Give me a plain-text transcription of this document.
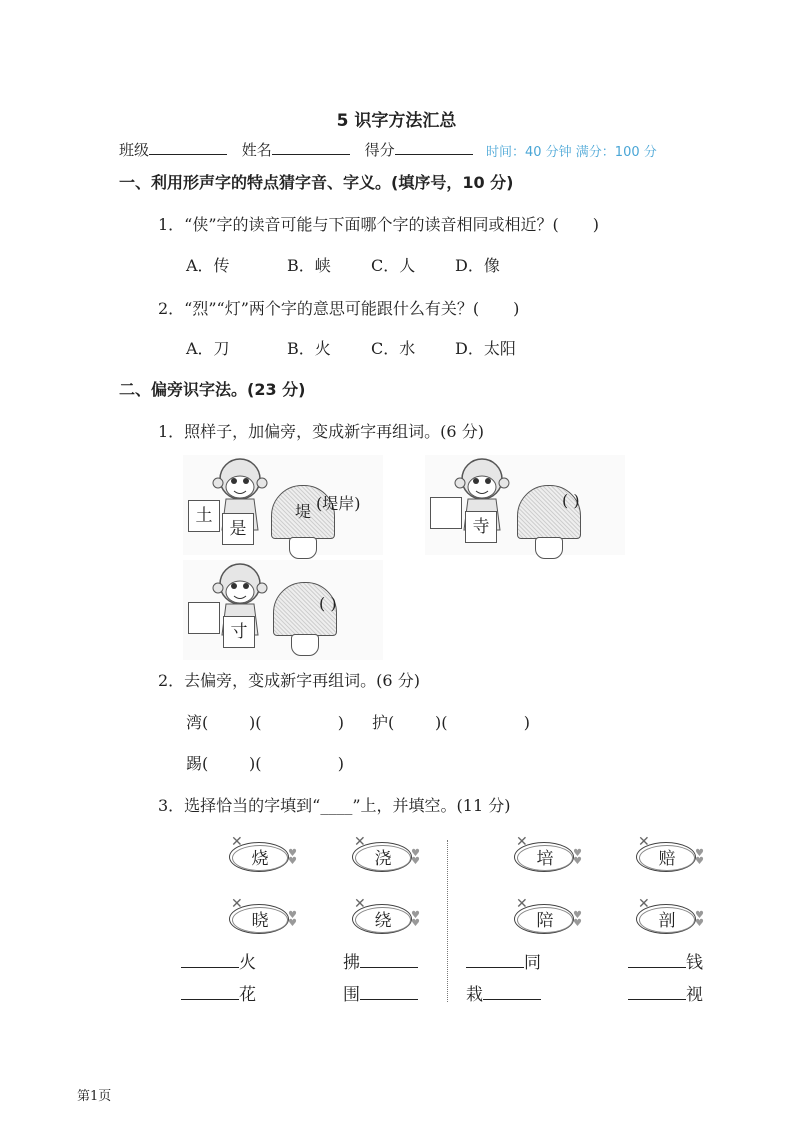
5 识字方法汇总
班级	姓名	得分	时间：40 分钟 满分：100 分
一、利用形声字的特点猜字音、字义。(填序号，10 分)
1．“侠”字的读音可能与下面哪个字的读音相同或相近？( )
A．传	B．峡	C．人 D．像
2．“烈”“灯”两个字的意思可能跟什么有关？( )
A．刀	B．火	C．水 D．太阳
二、偏旁识字法。(23 分)
1．照样子，加偏旁，变成新字再组词。(6 分)
土
是
堤 (堤岸)
寺
( )
寸
( )
2．去偏旁，变成新字再组词。(6 分)
湾(        )(               ) 护(        )(               )
踢(        )(               )
3．选择恰当的字填到“____”上，并填空。(11 分)
✕
♥
♥
烧
✕
♥
♥
浇
✕
♥
♥
晓
✕
♥
♥
绕
✕
♥
♥
培
✕
♥
♥
赔
✕
♥
♥
陪
✕
♥
♥
剖
火	拂	同	钱
花	围	栽	视
第1页
